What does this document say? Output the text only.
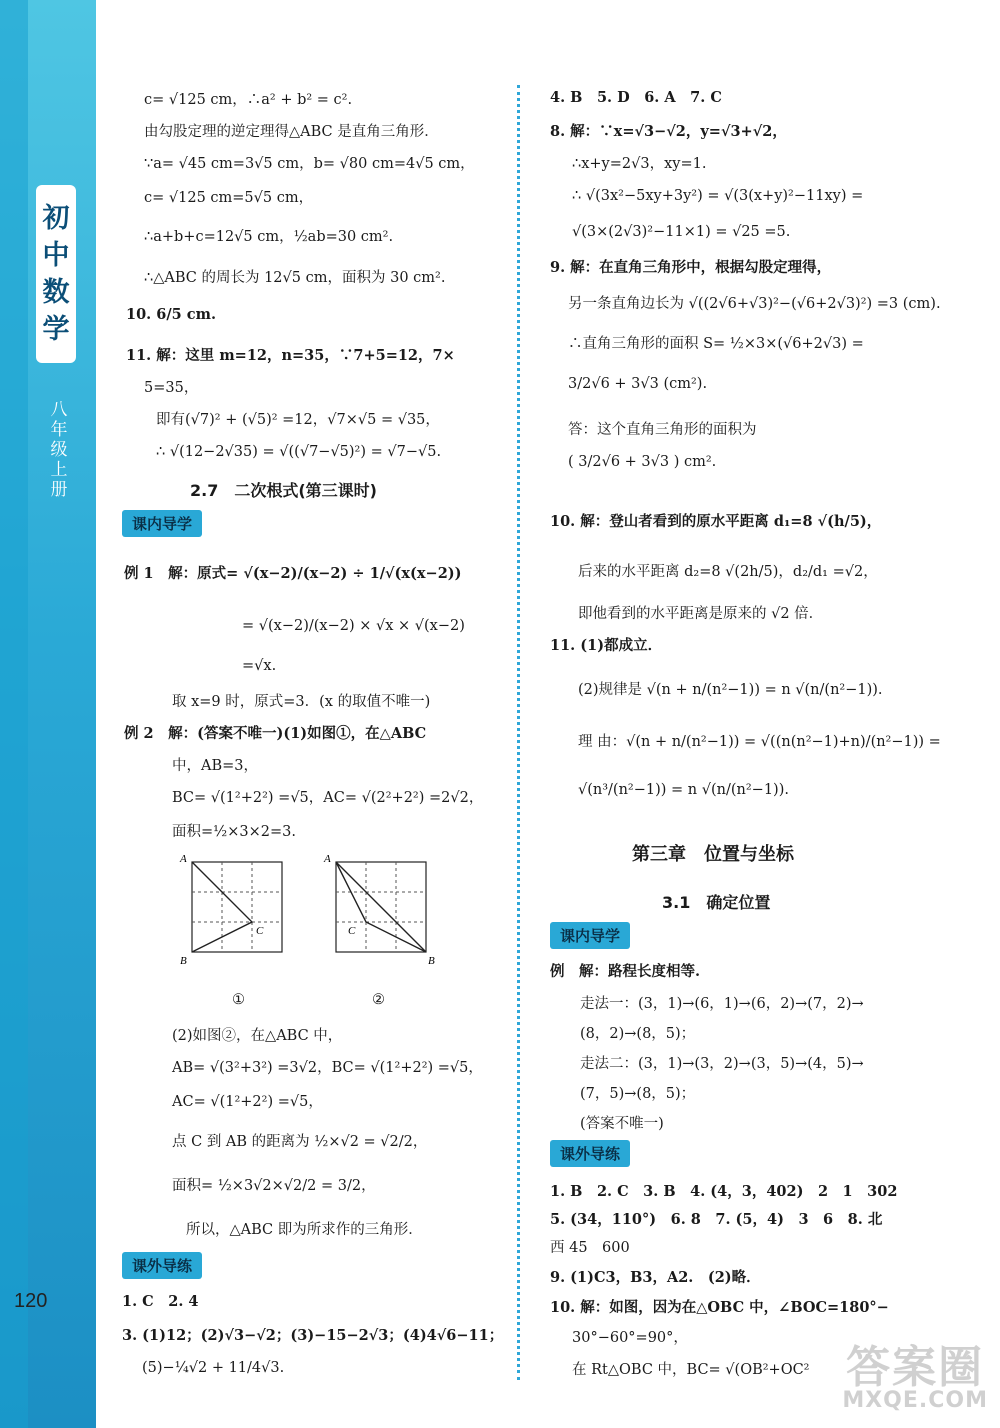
初
中
数
学
八
年
级
上
册
120
c= √125 cm，∴a² + b² = c².
由勾股定理的逆定理得△ABC 是直角三角形．
∵a= √45 cm=3√5 cm，b= √80 cm=4√5 cm，
c= √125 cm=5√5 cm，
∴a+b+c=12√5 cm，½ab=30 cm².
∴△ABC 的周长为 12√5 cm，面积为 30 cm².
10. 6/5 cm.
11. 解：这里 m=12，n=35，∵7+5=12，7×
5=35，
即有(√7)² + (√5)² =12，√7×√5 = √35，
∴ √(12−2√35) = √((√7−√5)²) = √7−√5.
2.7　二次根式(第三课时)
课内导学
例 1　解：原式= √(x−2)/(x−2) ÷ 1/√(x(x−2))
= √(x−2)/(x−2) × √x × √(x−2)
=√x.
取 x=9 时，原式=3．(x 的取值不唯一)
例 2　解：(答案不唯一)(1)如图①，在△ABC
中，AB=3，
BC= √(1²+2²) =√5，AC= √(2²+2²) =2√2，
面积=½×3×2=3.
A
B
C
A
C
B
①	②
(2)如图②，在△ABC 中，
AB= √(3²+3²) =3√2，BC= √(1²+2²) =√5，
AC= √(1²+2²) =√5，
点 C 到 AB 的距离为 ½×√2 = √2/2，
面积= ½×3√2×√2/2 = 3/2，
所以，△ABC 即为所求作的三角形．
课外导练
1. C　2. 4
3. (1)12；(2)√3−√2；(3)−15−2√3；(4)4√6−11；
(5)−¼√2 + 11/4√3.
4. B　5. D　6. A　7. C
8. 解：∵x=√3−√2，y=√3+√2，
∴x+y=2√3，xy=1.
∴ √(3x²−5xy+3y²) = √(3(x+y)²−11xy) =
√(3×(2√3)²−11×1) = √25 =5.
9. 解：在直角三角形中，根据勾股定理得，
另一条直角边长为 √((2√6+√3)²−(√6+2√3)²) =3 (cm).
∴直角三角形的面积 S= ½×3×(√6+2√3) =
3/2√6 + 3√3 (cm²).
答：这个直角三角形的面积为
( 3/2√6 + 3√3 ) cm².
10. 解：登山者看到的原水平距离 d₁=8 √(h/5)，
后来的水平距离 d₂=8 √(2h/5)，d₂/d₁ =√2，
即他看到的水平距离是原来的 √2 倍．
11. (1)都成立．
(2)规律是 √(n + n/(n²−1)) = n √(n/(n²−1)).
理 由：√(n + n/(n²−1)) = √((n(n²−1)+n)/(n²−1)) =
√(n³/(n²−1)) = n √(n/(n²−1)).
第三章　位置与坐标
3.1　确定位置
课内导学
例　解：路程长度相等.
走法一：(3，1)→(6，1)→(6，2)→(7，2)→
(8，2)→(8，5)；
走法二：(3，1)→(3，2)→(3，5)→(4，5)→
(7，5)→(8，5)；
(答案不唯一)
课外导练
1. B　2. C　3. B　4. (4，3，402)　2　1　302
5. (34，110°)　6. 8　7. (5，4)　3　6　8. 北
西 45　600
9. (1)C3，B3，A2.　(2)略．
10. 解：如图，因为在△OBC 中，∠BOC=180°−
30°−60°=90°，
在 Rt△OBC 中，BC= √(OB²+OC² 答案圈
MXQE.COM
